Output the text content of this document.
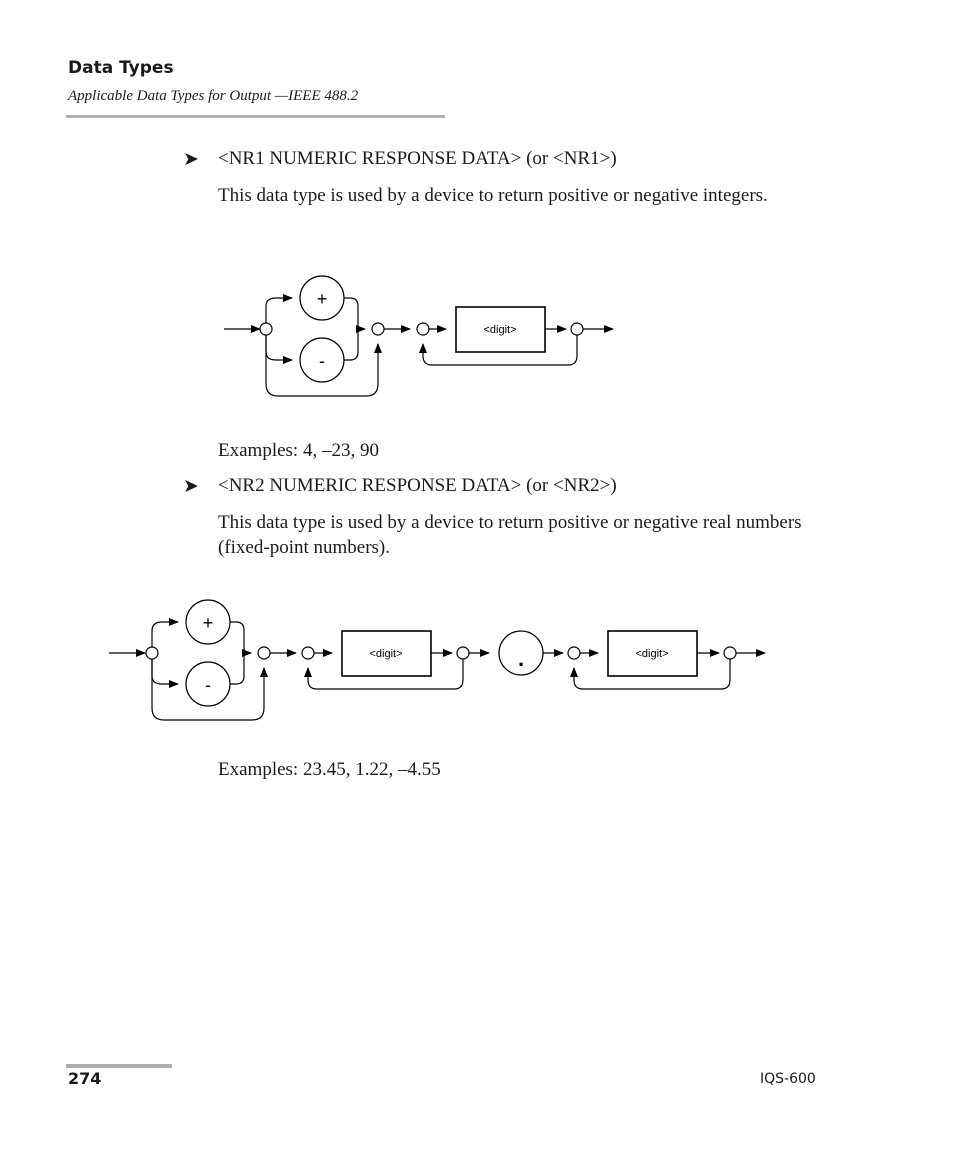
Data Types
Applicable Data Types for Output —IEEE 488.2
➤ <NR1 NUMERIC RESPONSE DATA> (or <NR1>)
This data type is used by a device to return positive or negative integers.
+
-
<digit>
+
-
<digit>	.	<digit>
Examples: 4, –23, 90
➤ <NR2 NUMERIC RESPONSE DATA> (or <NR2>)
This data type is used by a device to return positive or negative real numbers (fixed-point numbers).
Examples: 23.45, 1.22, –4.55
274	IQS-600
